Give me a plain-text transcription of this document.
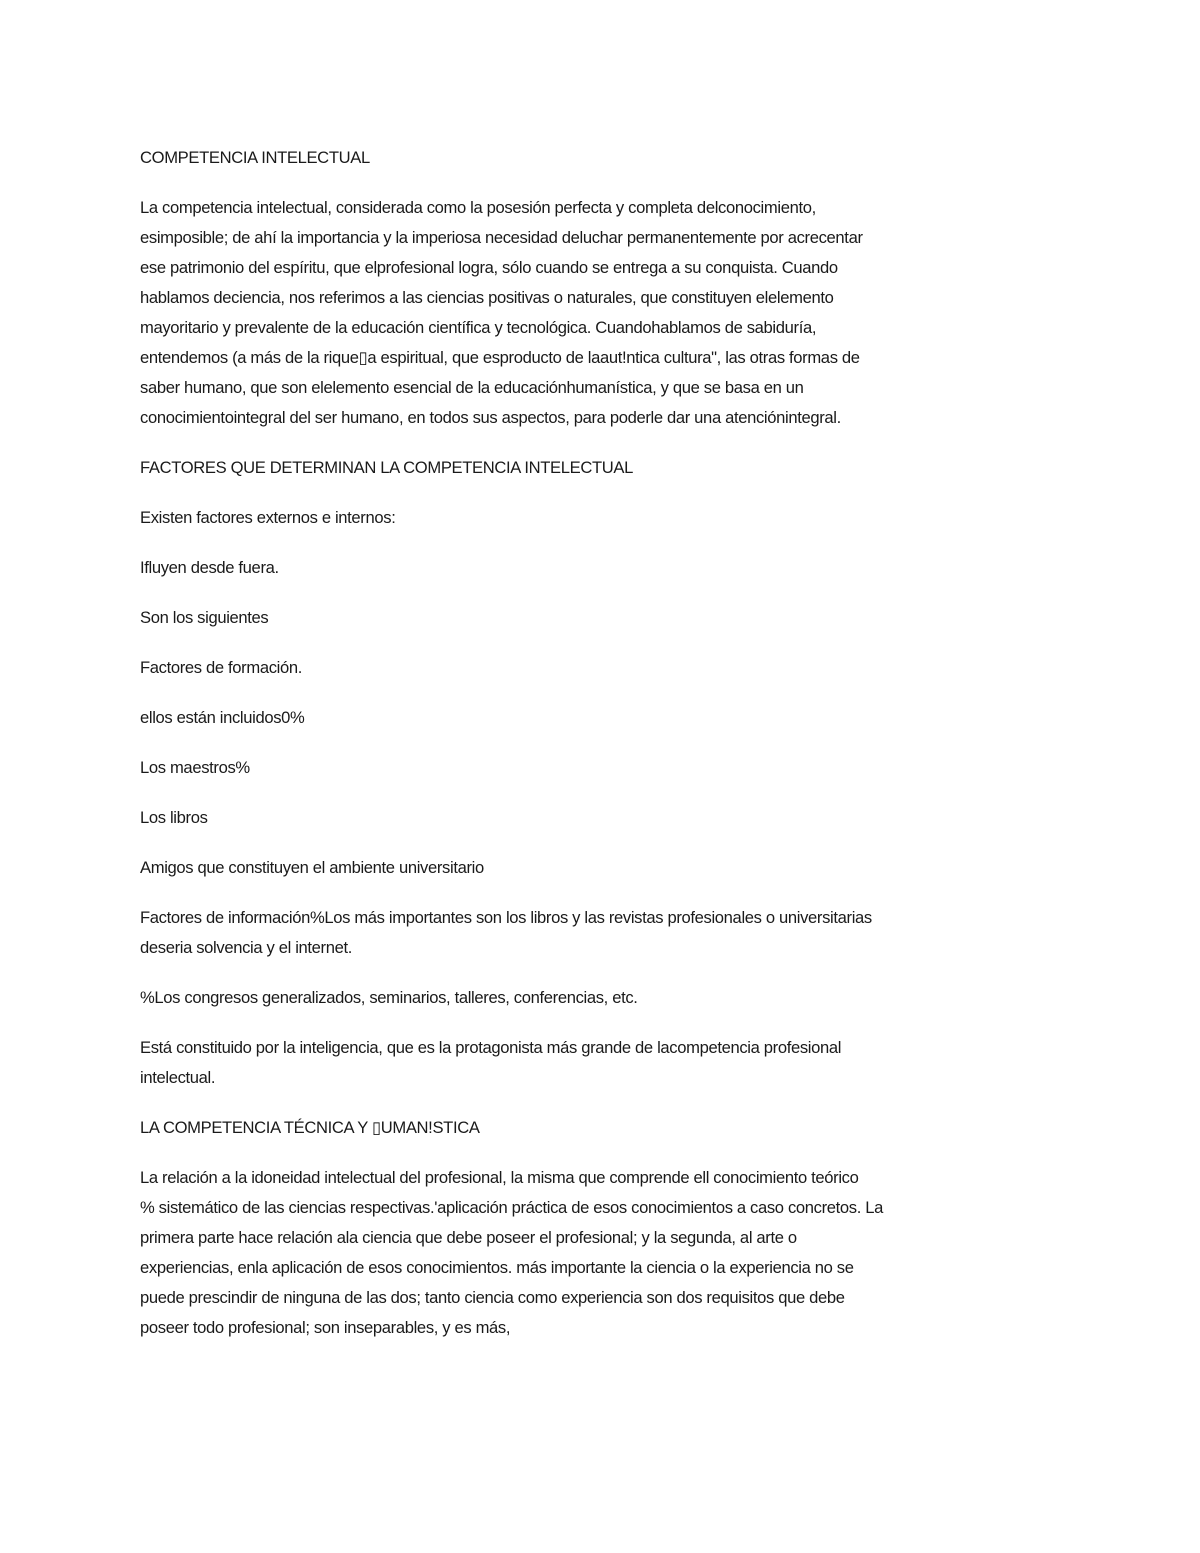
COMPETENCIA INTELECTUAL
La competencia intelectual, considerada como la posesión perfecta y completa delconocimiento,
esimposible; de ahí la importancia y la imperiosa necesidad deluchar permanentemente por acrecentar
ese patrimonio del espíritu, que elprofesional logra, sólo cuando se entrega a su conquista. Cuando
hablamos deciencia, nos referimos a las ciencias positivas o naturales, que constituyen elelemento
mayoritario y prevalente de la educación científica y tecnológica. Cuandohablamos de sabiduría,
entendemos (a más de la rique▯a espiritual, que esproducto de laaut!ntica cultura", las otras formas de
saber humano, que son elelemento esencial de la educaciónhumanística, y que se basa en un
conocimientointegral del ser humano, en todos sus aspectos, para poderle dar una atenciónintegral.
FACTORES QUE DETERMINAN LA COMPETENCIA INTELECTUAL
Existen factores externos e internos:
Ifluyen desde fuera.
Son los siguientes
Factores de formación.
ellos están incluidos0%
Los maestros%
Los libros
Amigos que constituyen el ambiente universitario
Factores de información%Los más importantes son los libros y las revistas profesionales o universitarias
deseria solvencia y el internet.
%Los congresos generalizados, seminarios, talleres, conferencias, etc.
Está constituido por la inteligencia, que es la protagonista más grande de lacompetencia profesional
intelectual.
LA COMPETENCIA TÉCNICA Y ▯UMAN!STICA
La relación a la idoneidad intelectual del profesional, la misma que comprende ell conocimiento teórico
% sistemático de las ciencias respectivas.'aplicación práctica de esos conocimientos a caso concretos. La
primera parte hace relación ala ciencia que debe poseer el profesional; y la segunda, al arte o
experiencias, enla aplicación de esos conocimientos. más importante la ciencia o la experiencia no se
puede prescindir de ninguna de las dos; tanto ciencia como experiencia son dos requisitos que debe
poseer todo profesional; son inseparables, y es más,
